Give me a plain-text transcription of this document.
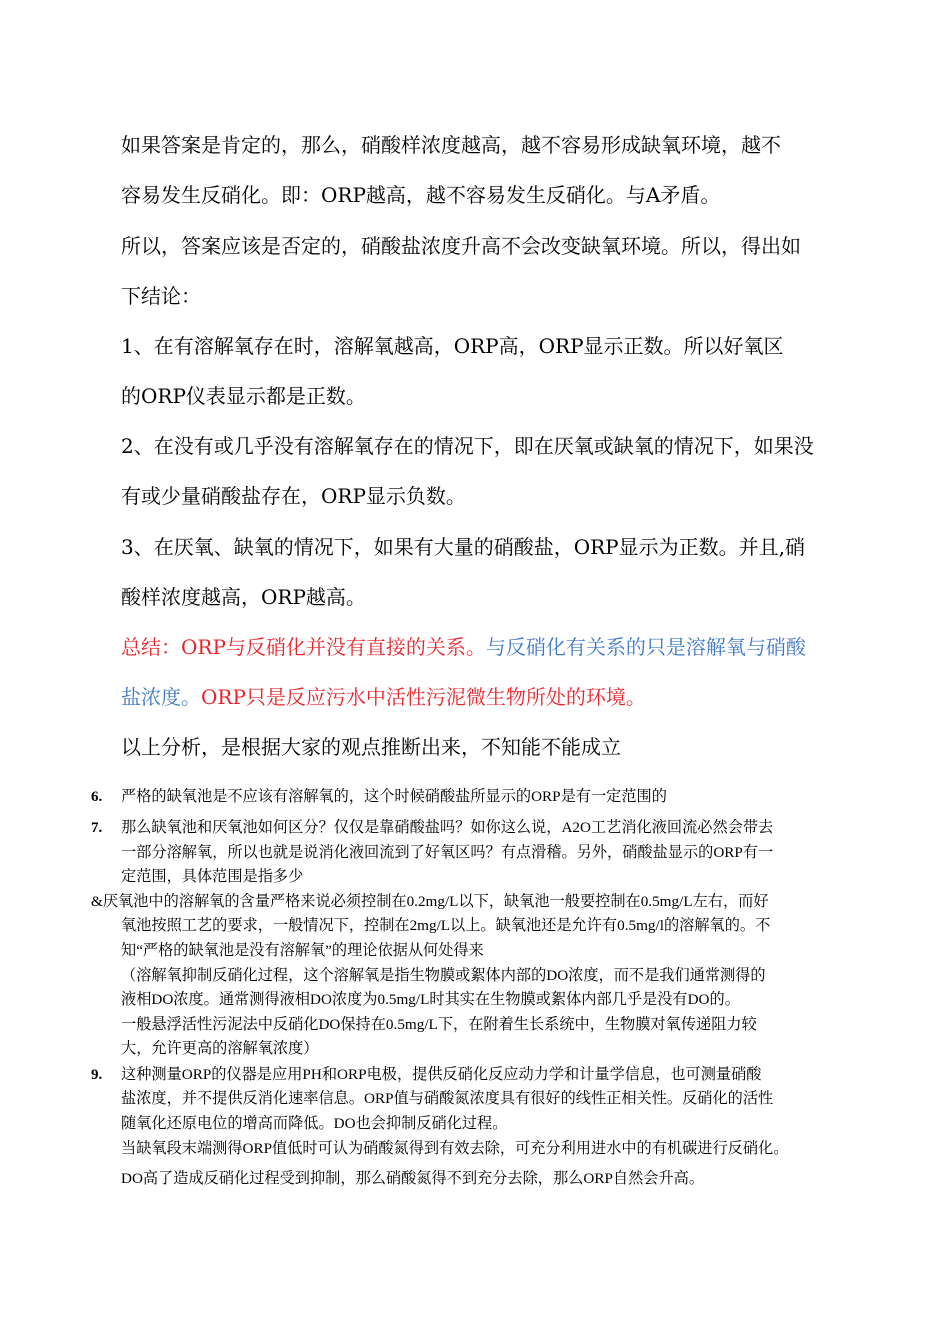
如果答案是肯定的，那么，硝酸样浓度越高，越不容易形成缺氧环境，越不
容易发生反硝化。即：ORP越高，越不容易发生反硝化。与A矛盾。
所以，答案应该是否定的，硝酸盐浓度升高不会改变缺氧环境。所以，得出如
下结论：
1、在有溶解氧存在时，溶解氧越高，ORP高，ORP显示正数。所以好氧区
的ORP仪表显示都是正数。
2、在没有或几乎没有溶解氧存在的情况下，即在厌氧或缺氧的情况下，如果没
有或少量硝酸盐存在，ORP显示负数。
3、在厌氧、缺氧的情况下，如果有大量的硝酸盐，ORP显示为正数。并且,硝
酸样浓度越高，ORP越高。
总结：ORP与反硝化并没有直接的关系。与反硝化有关系的只是溶解氧与硝酸
盐浓度。ORP只是反应污水中活性污泥微生物所处的环境。
以上分析，是根据大家的观点推断出来，不知能不能成立
6. 严格的缺氧池是不应该有溶解氧的，这个时候硝酸盐所显示的ORP是有一定范围的
7. 那么缺氧池和厌氧池如何区分？仅仅是靠硝酸盐吗？如你这么说，A2O工艺消化液回流必然会带去
一部分溶解氧，所以也就是说消化液回流到了好氧区吗？有点滑稽。另外，硝酸盐显示的ORP有一
定范围，具体范围是指多少
&厌氧池中的溶解氧的含量严格来说必须控制在0.2mg/L以下，缺氧池一般要控制在0.5mg/L左右，而好
氧池按照工艺的要求，一般情况下，控制在2mg/L以上。缺氧池还是允许有0.5mg/l的溶解氧的。不
知“严格的缺氧池是没有溶解氧”的理论依据从何处得来
（溶解氧抑制反硝化过程，这个溶解氧是指生物膜或絮体内部的DO浓度，而不是我们通常测得的
液相DO浓度。通常测得液相DO浓度为0.5mg/L时其实在生物膜或絮体内部几乎是没有DO的。
一般悬浮活性污泥法中反硝化DO保持在0.5mg/L下，在附着生长系统中，生物膜对氧传递阻力较
大，允许更高的溶解氧浓度）
9. 这种测量ORP的仪器是应用PH和ORP电极，提供反硝化反应动力学和计量学信息，也可测量硝酸
盐浓度，并不提供反消化速率信息。ORP值与硝酸氮浓度具有很好的线性正相关性。反硝化的活性
随氧化还原电位的增高而降低。DO也会抑制反硝化过程。
当缺氧段末端测得ORP值低时可认为硝酸氮得到有效去除，可充分利用进水中的有机碳进行反硝化。
DO高了造成反硝化过程受到抑制，那么硝酸氮得不到充分去除，那么ORP自然会升高。
